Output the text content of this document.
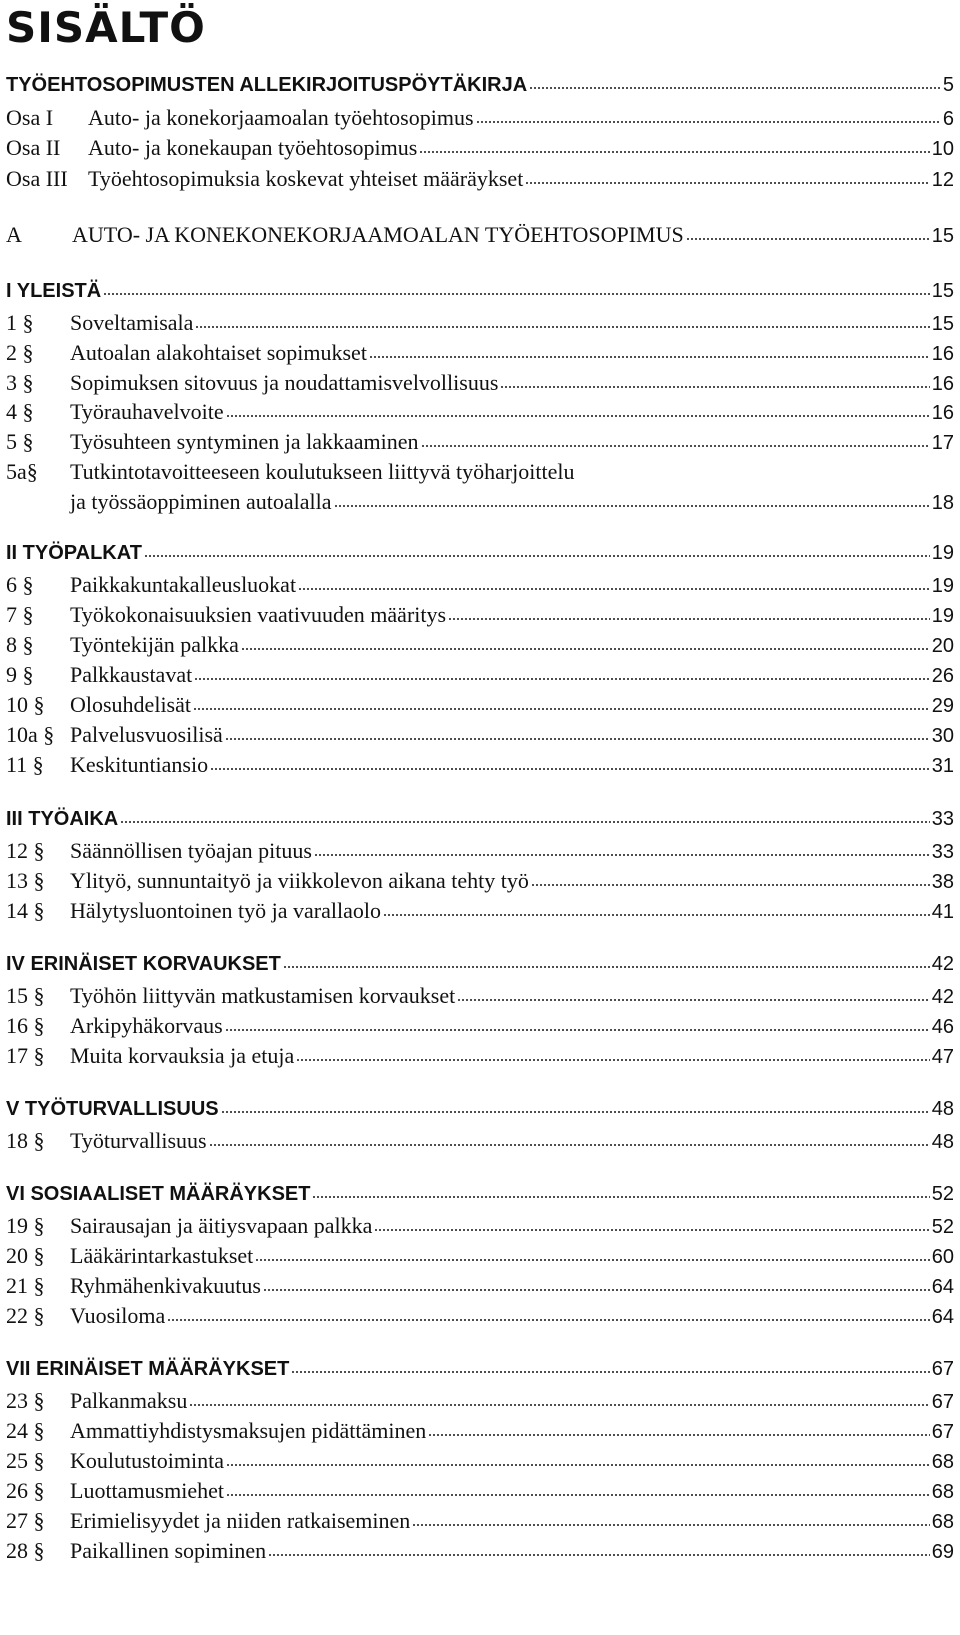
SISÄLTÖ
TYÖEHTOSOPIMUSTEN ALLEKIRJOITUSPÖYTÄKIRJA	5
Osa I	Auto- ja konekorjaamoalan työehtosopimus	6
Osa II	Auto- ja konekaupan työehtosopimus	10
Osa III Työehtosopimuksia koskevat yhteiset määräykset	12
A	AUTO- JA KONEKONEKORJAAMOALAN TYÖEHTOSOPIMUS	15
I YLEISTÄ	15
1 §	Soveltamisala	15
2 §	Autoalan alakohtaiset sopimukset	16
3 §	Sopimuksen sitovuus ja noudattamisvelvollisuus	16
4 §	Työrauhavelvoite	16
5 §	Työsuhteen syntyminen ja lakkaaminen	17
5a§	Tutkintotavoitteeseen koulutukseen liittyvä työharjoittelu
ja työssäoppiminen autoalalla	18
II TYÖPALKAT	19
6 §	Paikkakuntakalleusluokat	19
7 §	Työkokonaisuuksien vaativuuden määritys	19
8 §	Työntekijän palkka	20
9 §	Palkkaustavat	26
10 §	Olosuhdelisät	29
10a § Palvelusvuosilisä	30
11 §	Keskituntiansio	31
III TYÖAIKA	33
12 §	Säännöllisen työajan pituus	33
13 §	Ylityö, sunnuntaityö ja viikkolevon aikana tehty työ	38
14 §	Hälytysluontoinen työ ja varallaolo	41
IV ERINÄISET KORVAUKSET	42
15 §	Työhön liittyvän matkustamisen korvaukset	42
16 §	Arkipyhäkorvaus	46
17 §	Muita korvauksia ja etuja	47
V TYÖTURVALLISUUS	48
18 §	Työturvallisuus	48
VI SOSIAALISET MÄÄRÄYKSET	52
19 §	Sairausajan ja äitiysvapaan palkka	52
20 §	Lääkärintarkastukset	60
21 §	Ryhmähenkivakuutus	64
22 §	Vuosiloma	64
VII ERINÄISET MÄÄRÄYKSET	67
23 §	Palkanmaksu	67
24 §	Ammattiyhdistysmaksujen pidättäminen	67
25 §	Koulutustoiminta	68
26 §	Luottamusmiehet	68
27 §	Erimielisyydet ja niiden ratkaiseminen	68
28 §	Paikallinen sopiminen	69
